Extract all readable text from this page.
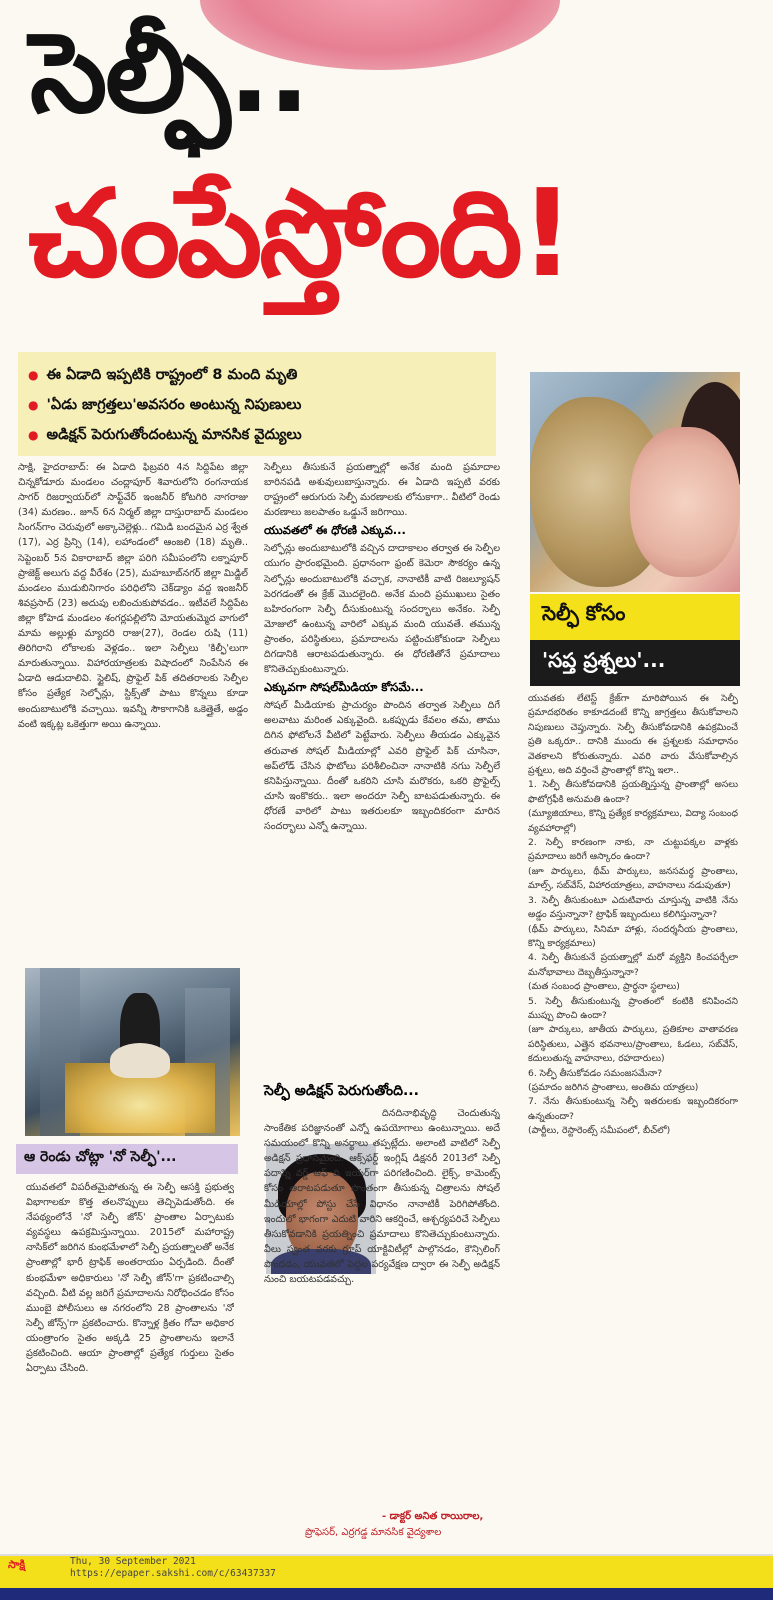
సెల్ఫీ..
చంపేస్తోంది!
● ఈ ఏడాది ఇప్పటికి రాష్ట్రంలో 8 మంది మృతి
● 'ఏడు జాగ్రత్తలు'అవసరం అంటున్న నిపుణులు
● అడిక్షన్ పెరుగుతోందంటున్న మానసిక వైద్యులు

సాక్షి, హైదరాబాద్: ఈ ఏడాది ఫిబ్రవరి 4న సిద్దిపేట జిల్లా చిన్నకోడూరు మండలం చంద్లాపూర్ శివారులోని రంగనాయక సాగర్ రిజర్వాయర్‌లో సాఫ్ట్‌వేర్ ఇంజనీర్ కోటగిరి నాగరాజు (34) మరణం.. జూన్ 6న నిర్మల్ జిల్లా దాస్తురాబాద్ మండలం సింగన్‌గాం చెరువులో అక్కాచెల్లెళ్లు.. గమిడి బందమైన ఎర్ర శ్వేత (17), ఎర్ర ప్రిన్సి (14), లహాండంలో ఆంజలి (18) మృతి.. సెప్టెంబర్ 5న వికారాబాద్ జిల్లా పరిగి సమీపంలోని లక్నాపూర్ ప్రాజెక్ట్ అలుగు వద్ద వీరేశం (25), మహబూబ్‌నగర్ జిల్లా మిడ్జిల్ మండలం ముడుబినిగారం పరిధిలోని చెక్‌డ్యాం వద్ద ఇంజనీర్ శివప్రసాద్ (23) అదుపు లబించుకుపోవడం.. ఇటీవలే సిద్దిపేట జిల్లా కోహెడ మండలం శంగర్లపల్లిలోని మోయతుమ్మెద వాగులో మామ అల్లుళ్లు మ్యాదరి రాజు(27), రెండల రుషి (11) తిరిగిరాని లోకాలకు వెళ్లడం.. ఇలా సెల్ఫీలు 'కిల్ఫీ'లుగా మారుతున్నాయి. విహారయాత్రలకు విషాదంలో నింపేసిన ఈ ఏడాది ఆడుదాలివి. స్టైలిష్, ప్రొఫైల్ పిక్ తదితరాలకు సెల్ఫీల కోసం ప్రత్యేక సెల్ఫోన్లు, స్టిక్స్‌తో పాటు కొన్నలు కూడా అందుబాటులోకి వచ్చాయి. ఇవన్నీ సౌకాగానికి ఒకెత్తైతే, అడ్డం వంటి ఇక్కట్ల ఒకెత్తుగా అయి ఉన్నాయి.

ఆ రెండు చోట్లా 'నో సెల్ఫీ'...

యువతలో విపరీతమైపోతున్న ఈ సెల్ఫీ ఆసక్తి ప్రభుత్వ విభాగాలకూ కొత్త తలనొప్పులు తెచ్చిపెడుతోంది. ఈ నేపథ్యంలోనే 'నో సెల్ఫీ జోన్' ప్రాంతాల ఏర్పాటుకు వ్యవస్థలు ఉపక్రమిస్తున్నాయి. 2015లో మహారాష్ట్ర నాసిక్‌లో జరిగిన కుంభమేళాలో సెల్ఫీ ప్రయత్నాలతో అనేక ప్రాంతాల్లో భారీ ట్రాఫిక్ అంతరాయం ఏర్పడింది. దీంతో కుంభమేళా అధికారులు 'నో సెల్ఫీ జోన్'గా ప్రకటించాల్సి వచ్చింది. వీటి వల్ల జరిగే ప్రమాదాలను నిరోధించడం కోసం ముంబై పోలీసులు ఆ నగరంలోని 28 ప్రాంతాలను 'నో సెల్ఫీ జోన్స్'గా ప్రకటించారు. కొన్నాళ్ల క్రితం గోవా అధికార యంత్రాంగం సైతం అక్కడి 25 ప్రాంతాలను ఇలానే ప్రకటించింది. ఆయా ప్రాంతాల్లో ప్రత్యేక గుర్తులు సైతం ఏర్పాటు చేసింది.

సెల్ఫీలు తీసుకునే ప్రయత్నాల్లో అనేక మంది ప్రమాదాల బారినపడి అశువులుబాస్తున్నారు. ఈ ఏడాది ఇప్పటి వరకు రాష్ట్రంలో ఆరుగురు సెల్ఫీ మరణాలకు లోనుకాగా.. వీటిలో రెండు మరణాలు జలపాతం ఒడ్డునే జరిగాయి.

యువతలో ఈ ధోరణి ఎక్కువ...

సెల్ఫోన్లు అందుబాటులోకి వచ్చిన దాదాకాలం తర్వాత ఈ సెల్ఫీల యుగం ప్రారంభమైంది. ప్రధానంగా ఫ్రంట్ కెమెరా సౌకర్యం ఉన్న సెల్ఫోన్లు అందుబాటులోకి వచ్చాక, నానాటికీ వాటి రిజల్యూషన్ పెరగడంతో ఈ క్రేజ్ మొదలైంది. అనేక మంది ప్రముఖులు సైతం బహిరంగంగా సెల్ఫీ దీసుకుంటున్న సందర్భాలు అనేకం. సెల్ఫీ మోజులో ఉంటున్న వారిలో ఎక్కువ మంది యువతే. తమున్న ప్రాంతం, పరిస్థితులు, ప్రమాదాలను పట్టించుకోకుండా సెల్ఫీలు దిగడానికి ఆరాటపడుతున్నారు. ఈ ధోరణితోనే ప్రమాదాలు కొనితెచ్చుకుంటున్నారు.

ఎక్కువగా సోషల్‌మీడియా కోసమే...

సోషల్ మీడియాకు ప్రాచుర్యం పొందిన తర్వాత సెల్ఫీలు దిగే అలవాటు మరింత ఎక్కువైంది. ఒకప్పుడు కేవలం తమ, తాము దిగిన ఫోటోలనే వీటిలో పెట్టేవారు. సెల్ఫీలు తీయడం ఎక్కువైన తరువాత సోషల్ మీడియాల్లో ఎవరి ప్రొఫైల్ పిక్ చూసినా, అప్‌లోడ్ చేసిన ఫొటోలు పరిశీలించినా నానాటికి నగుు సెల్ఫీలే కనిపిస్తున్నాయి. దీంతో ఒకరిని చూసి మరొకరు, ఒకరి ప్రొఫైల్స్ చూసి ఇంకొకరు.. ఇలా అందరూ సెల్ఫీ బాటపడుతున్నారు. ఈ ధోరణే వారిలో పాటు ఇతరులకూ ఇబ్బందికరంగా మారిన సందర్భాలు ఎన్నో ఉన్నాయి.

సెల్ఫీ అడిక్షన్ పెరుగుతోంది...

దినదినాభివృద్ధి చెందుతున్న సాంకేతిక పరిజ్ఞానంతో ఎన్నో ఉపయోగాలు ఉంటున్నాయి. అదే సమయంలో కొన్ని అనర్థాలు తప్పట్లేదు. అలాంటి వాటిలో సెల్ఫీ అడిక్షన్ ప్రధానమైంది. ఆక్స్‌ఫర్డ్ ఇంగ్లిష్ డిక్షనరీ 2013లో సెల్ఫీ పదాన్ని వర్డ్ ఆఫ్ ది ఇయర్‌గా పరిగణించింది. లైక్స్, కామెంట్స్ కోసం ఆరాటపడుతూ సొంతంగా తీసుకున్న చిత్రాలను సోషల్ మీడియాల్లో పోస్టు చేసే విధానం నానాటికీ పెరిగిపోతోంది. ఇందులో భాగంగా ఎదుటి వారిని ఆకర్షించే, ఆశ్చర్యపరిచే సెల్ఫీలు తీసుకోవడానికి ప్రయత్నించి ప్రమాదాలు కొనితెచ్చుకుంటున్నారు. వీలు స్వంత వరకు గ్రూప్ యాక్టివిటీల్లో పాల్గొనడం, కౌన్సిలింగ్ పొందడం, యువతలో పెద్దల పర్యవేక్షణ ద్వారా ఈ సెల్ఫీ అడిక్షన్ నుంచి బయటపడవచ్చు.

- డాక్టర్ అనిత రాయిరాల,
ప్రొఫెసర్, ఎర్రగడ్డ మానసిక వైద్యశాల
సెల్ఫీ కోసం
'సప్త ప్రశ్నలు'...

యువతకు లేటెస్ట్ క్రేజ్‌గా మారిపోయిన ఈ సెల్ఫీ ప్రమాదభరితం కాకూడదంటే కొన్ని జాగ్రత్తలు తీసుకోవాలని నిపుణులు చెప్తున్నారు. సెల్ఫీ తీసుకోవడానికి ఉపక్రమించే ప్రతి ఒక్కరూ.. దానికి ముందు ఈ ప్రశ్నలకు సమాధానం వెతకాలని కోరుతున్నారు. ఎవరి వారు వేసుకోవాల్సిన ప్రశ్నలు, అది వర్తించే ప్రాంతాల్లో కొన్ని ఇలా..

1. సెల్ఫీ తీసుకోవడానికి ప్రయత్నిస్తున్న ప్రాంతాల్లో అసలు ఫొటోగ్రఫీకి అనుమతి ఉందా?

(మ్యూజియాలు, కొన్ని ప్రత్యేక కార్యక్రమాలు, విద్యా సంబంధ వ్యవహారాల్లో)

2. సెల్ఫీ కారణంగా నాకు, నా చుట్టుపక్కల వాళ్లకు ప్రమాదాలు జరిగే ఆస్కారం ఉందా?

(జూ పార్కులు, థీమ్ పార్కులు, జనసమర్థ ప్రాంతాలు, మాల్స్, సబ్‌వేస్, విహారయాత్రలు, వాహనాలు నడుపుతూ)

3. సెల్ఫీ తీసుకుంటూ ఎదుటివారు చూస్తున్న వాటికి నేను అడ్డం వస్తున్నానా? ట్రాఫిక్ ఇబ్బందులు కలిగిస్తున్నానా?

(థీమ్ పార్కులు, సినిమా హాళ్లు, సందర్శనీయ ప్రాంతాలు, కొన్ని కార్యక్రమాలు)

4. సెల్ఫీ తీసుకునే ప్రయత్నాల్లో మరో వ్యక్తిని కించపర్చేలా మనోభావాలు దెబ్బతీస్తున్నానా?

(మత సంబంధ ప్రాంతాలు, ప్రార్థనా స్థలాలు)

5. సెల్ఫీ తీసుకుంటున్న ప్రాంతంలో కంటికి కనిపించని ముప్పు పొంచి ఉందా?

(జూ పార్కులు, జాతీయ పార్కులు, ప్రతికూల వాతావరణ పరిస్థితులు, ఎత్తైన భవనాలు/ప్రాంతాలు, ఓడలు, సబ్‌వేస్, కదులుతున్న వాహనాలు, రహదారులు)

6. సెల్ఫీ తీసుకోవడం సమంజసమేనా?

(ప్రమాదం జరిగిన ప్రాంతాలు, అంతిమ యాత్రలు)

7. నేను తీసుకుంటున్న సెల్ఫీ ఇతరులకు ఇబ్బందికరంగా ఉన్నతుందా?

(పార్టీలు, రెస్టారెంట్స్ సమీపంలో, బీచ్‌లో)

సాక్షి	Thu, 30 September 2021
https://epaper.sakshi.com/c/63437337
